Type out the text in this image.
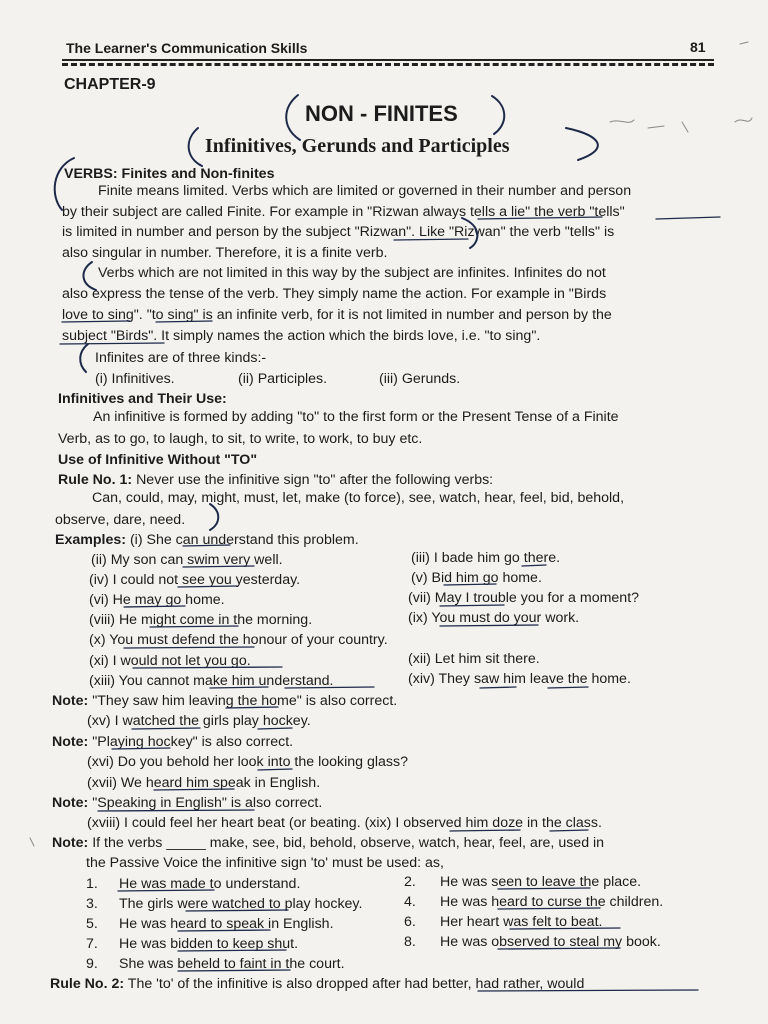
The Learner's Communication Skills	81
CHAPTER-9
NON - FINITES
Infinitives, Gerunds and Participles
VERBS: Finites and Non-finites
Finite means limited. Verbs which are limited or governed in their number and person
by their subject are called Finite. For example in "Rizwan always tells a lie" the verb "tells"
is limited in number and person by the subject "Rizwan". Like "Rizwan" the verb "tells" is
also singular in number. Therefore, it is a finite verb.
Verbs which are not limited in this way by the subject are infinites. Infinites do not
also express the tense of the verb. They simply name the action. For example in "Birds
love to sing". "to sing" is an infinite verb, for it is not limited in number and person by the
subject "Birds". It simply names the action which the birds love, i.e. "to sing".
Infinites are of three kinds:-
(i) Infinitives.	(ii) Participles.	(iii) Gerunds.
Infinitives and Their Use:
An infinitive is formed by adding "to" to the first form or the Present Tense of a Finite
Verb, as to go, to laugh, to sit, to write, to work, to buy etc.
Use of Infinitive Without "TO"
Rule No. 1: Never use the infinitive sign "to" after the following verbs:
Can, could, may, might, must, let, make (to force), see, watch, hear, feel, bid, behold,
observe, dare, need.
Examples: (i) She can understand this problem.
(ii) My son can swim very well.	(iii) I bade him go there.
(iv) I could not see you yesterday.	(v) Bid him go home.
(vi) He may go home.	(vii) May I trouble you for a moment?
(viii) He might come in the morning.	(ix) You must do your work.
(x) You must defend the honour of your country.
(xi) I would not let you go.	(xii) Let him sit there.
(xiii) You cannot make him understand.	(xiv) They saw him leave the home.
Note: "They saw him leaving the home" is also correct.
(xv) I watched the girls play hockey.
Note: "Playing hockey" is also correct.
(xvi) Do you behold her look into the looking glass?
(xvii) We heard him speak in English.
Note: "Speaking in English" is also correct.
(xviii) I could feel her heart beat (or beating. (xix) I observed him doze in the class.
Note: If the verbs _____ make, see, bid, behold, observe, watch, hear, feel, are, used in
the Passive Voice the infinitive sign 'to' must be used: as,
1. He was made to understand.	2. He was seen to leave the place.
3. The girls were watched to play hockey.	4. He was heard to curse the children.
5. He was heard to speak in English.	6. Her heart was felt to beat.
7. He was bidden to keep shut.	8. He was observed to steal my book.
9. She was beheld to faint in the court.
Rule No. 2: The 'to' of the infinitive is also dropped after had better, had rather, would
